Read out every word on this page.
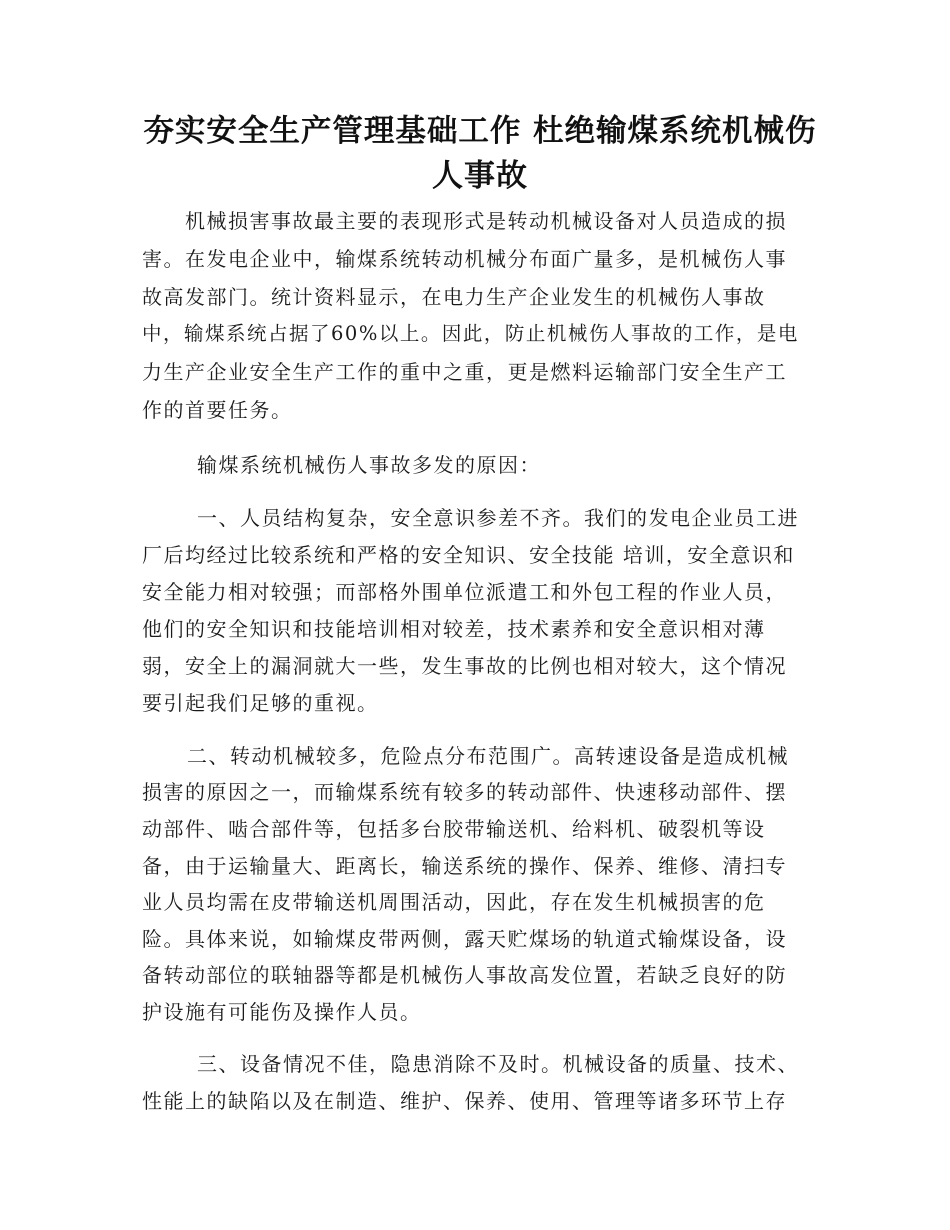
夯实安全生产管理基础工作 杜绝输煤系统机械伤
人事故
机械损害事故最主要的表现形式是转动机械设备对人员造成的损
害。在发电企业中，输煤系统转动机械分布面广量多，是机械伤人事
故高发部门。统计资料显示，在电力生产企业发生的机械伤人事故
中，输煤系统占据了60%以上。因此，防止机械伤人事故的工作，是电
力生产企业安全生产工作的重中之重，更是燃料运输部门安全生产工
作的首要任务。
输煤系统机械伤人事故多发的原因：
一、人员结构复杂，安全意识参差不齐。我们的发电企业员工进
厂后均经过比较系统和严格的安全知识、安全技能 培训，安全意识和
安全能力相对较强；而部格外围单位派遣工和外包工程的作业人员，
他们的安全知识和技能培训相对较差，技术素养和安全意识相对薄
弱，安全上的漏洞就大一些，发生事故的比例也相对较大，这个情况
要引起我们足够的重视。
二、转动机械较多，危险点分布范围广。高转速设备是造成机械
损害的原因之一，而输煤系统有较多的转动部件、快速移动部件、摆
动部件、啮合部件等，包括多台胶带输送机、给料机、破裂机等设
备，由于运输量大、距离长，输送系统的操作、保养、维修、清扫专
业人员均需在皮带输送机周围活动，因此，存在发生机械损害的危
险。具体来说，如输煤皮带两侧，露天贮煤场的轨道式输煤设备，设
备转动部位的联轴器等都是机械伤人事故高发位置，若缺乏良好的防
护设施有可能伤及操作人员。
三、设备情况不佳，隐患消除不及时。机械设备的质量、技术、
性能上的缺陷以及在制造、维护、保养、使用、管理等诸多环节上存
